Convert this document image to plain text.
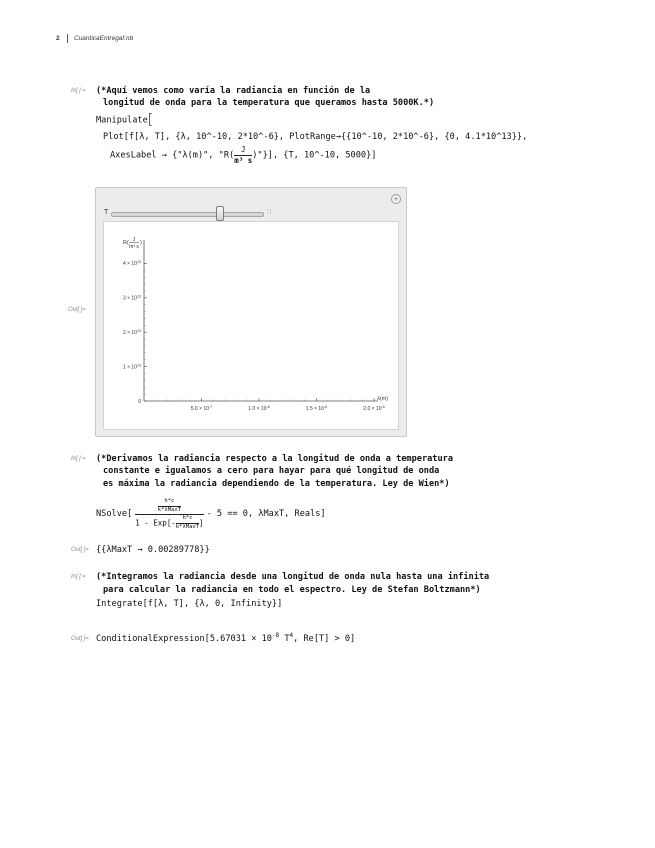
2 CuanticaEntregaf.nb
In[ ]:= (*Aquí vemos como varía la radiancia en función de la
longitud de onda para la temperatura que queramos hasta 5000K.*)
Manipulate[
Plot[f[λ, T], {λ, 10^-10, 2*10^-6}, PlotRange→{{10^-10, 2*10^-6}, {0, 4.1*10^13}},
AxesLabel → {"λ(m)", "$R( \frac{J}{\text{m³ s}}$ )"}], {T, 10^-10, 5000}]
Out[ ]=
T	∷
+
$5.0 \times 10^{-7}$	$1.0 \times 10^{-6}$	$1.5 \times 10^{-6}$	$2.0 \times 10^{-6}$
0
$1 \times 10^{13}$
$2 \times 10^{13}$
$3 \times 10^{13}$
$4 \times 10^{13}$
R( J
m³ s
)
λ(m)
In[ ]:= (*Derivamos la radiancia respecto a la longitud de onda a temperatura
constante e igualamos a cero para hayar para qué longitud de onda
es máxima la radiancia dependiendo de la temperatura. Ley de Wien*)
NSolve[ $\frac{\frac{h*c}{\text{k*λMaxT}}}{1 - Exp[- \frac{h*c}{\text{k*λMaxT}} ]} - 5 == 0$, λMaxT, Reals]
Out[ ]= {{λMaxT → 0.00289778}}
In[ ]:= (*Integramos la radiancia desde una longitud de onda nula hasta una infinita
para calcular la radiancia en todo el espectro. Ley de Stefan Boltzmann*)
Integrate[f[λ, T], {λ, 0, Infinity}]
Out[ ]= ConditionalExpression[5.67031 × $10^{-8}$ $T^4$, Re[T] > 0]
